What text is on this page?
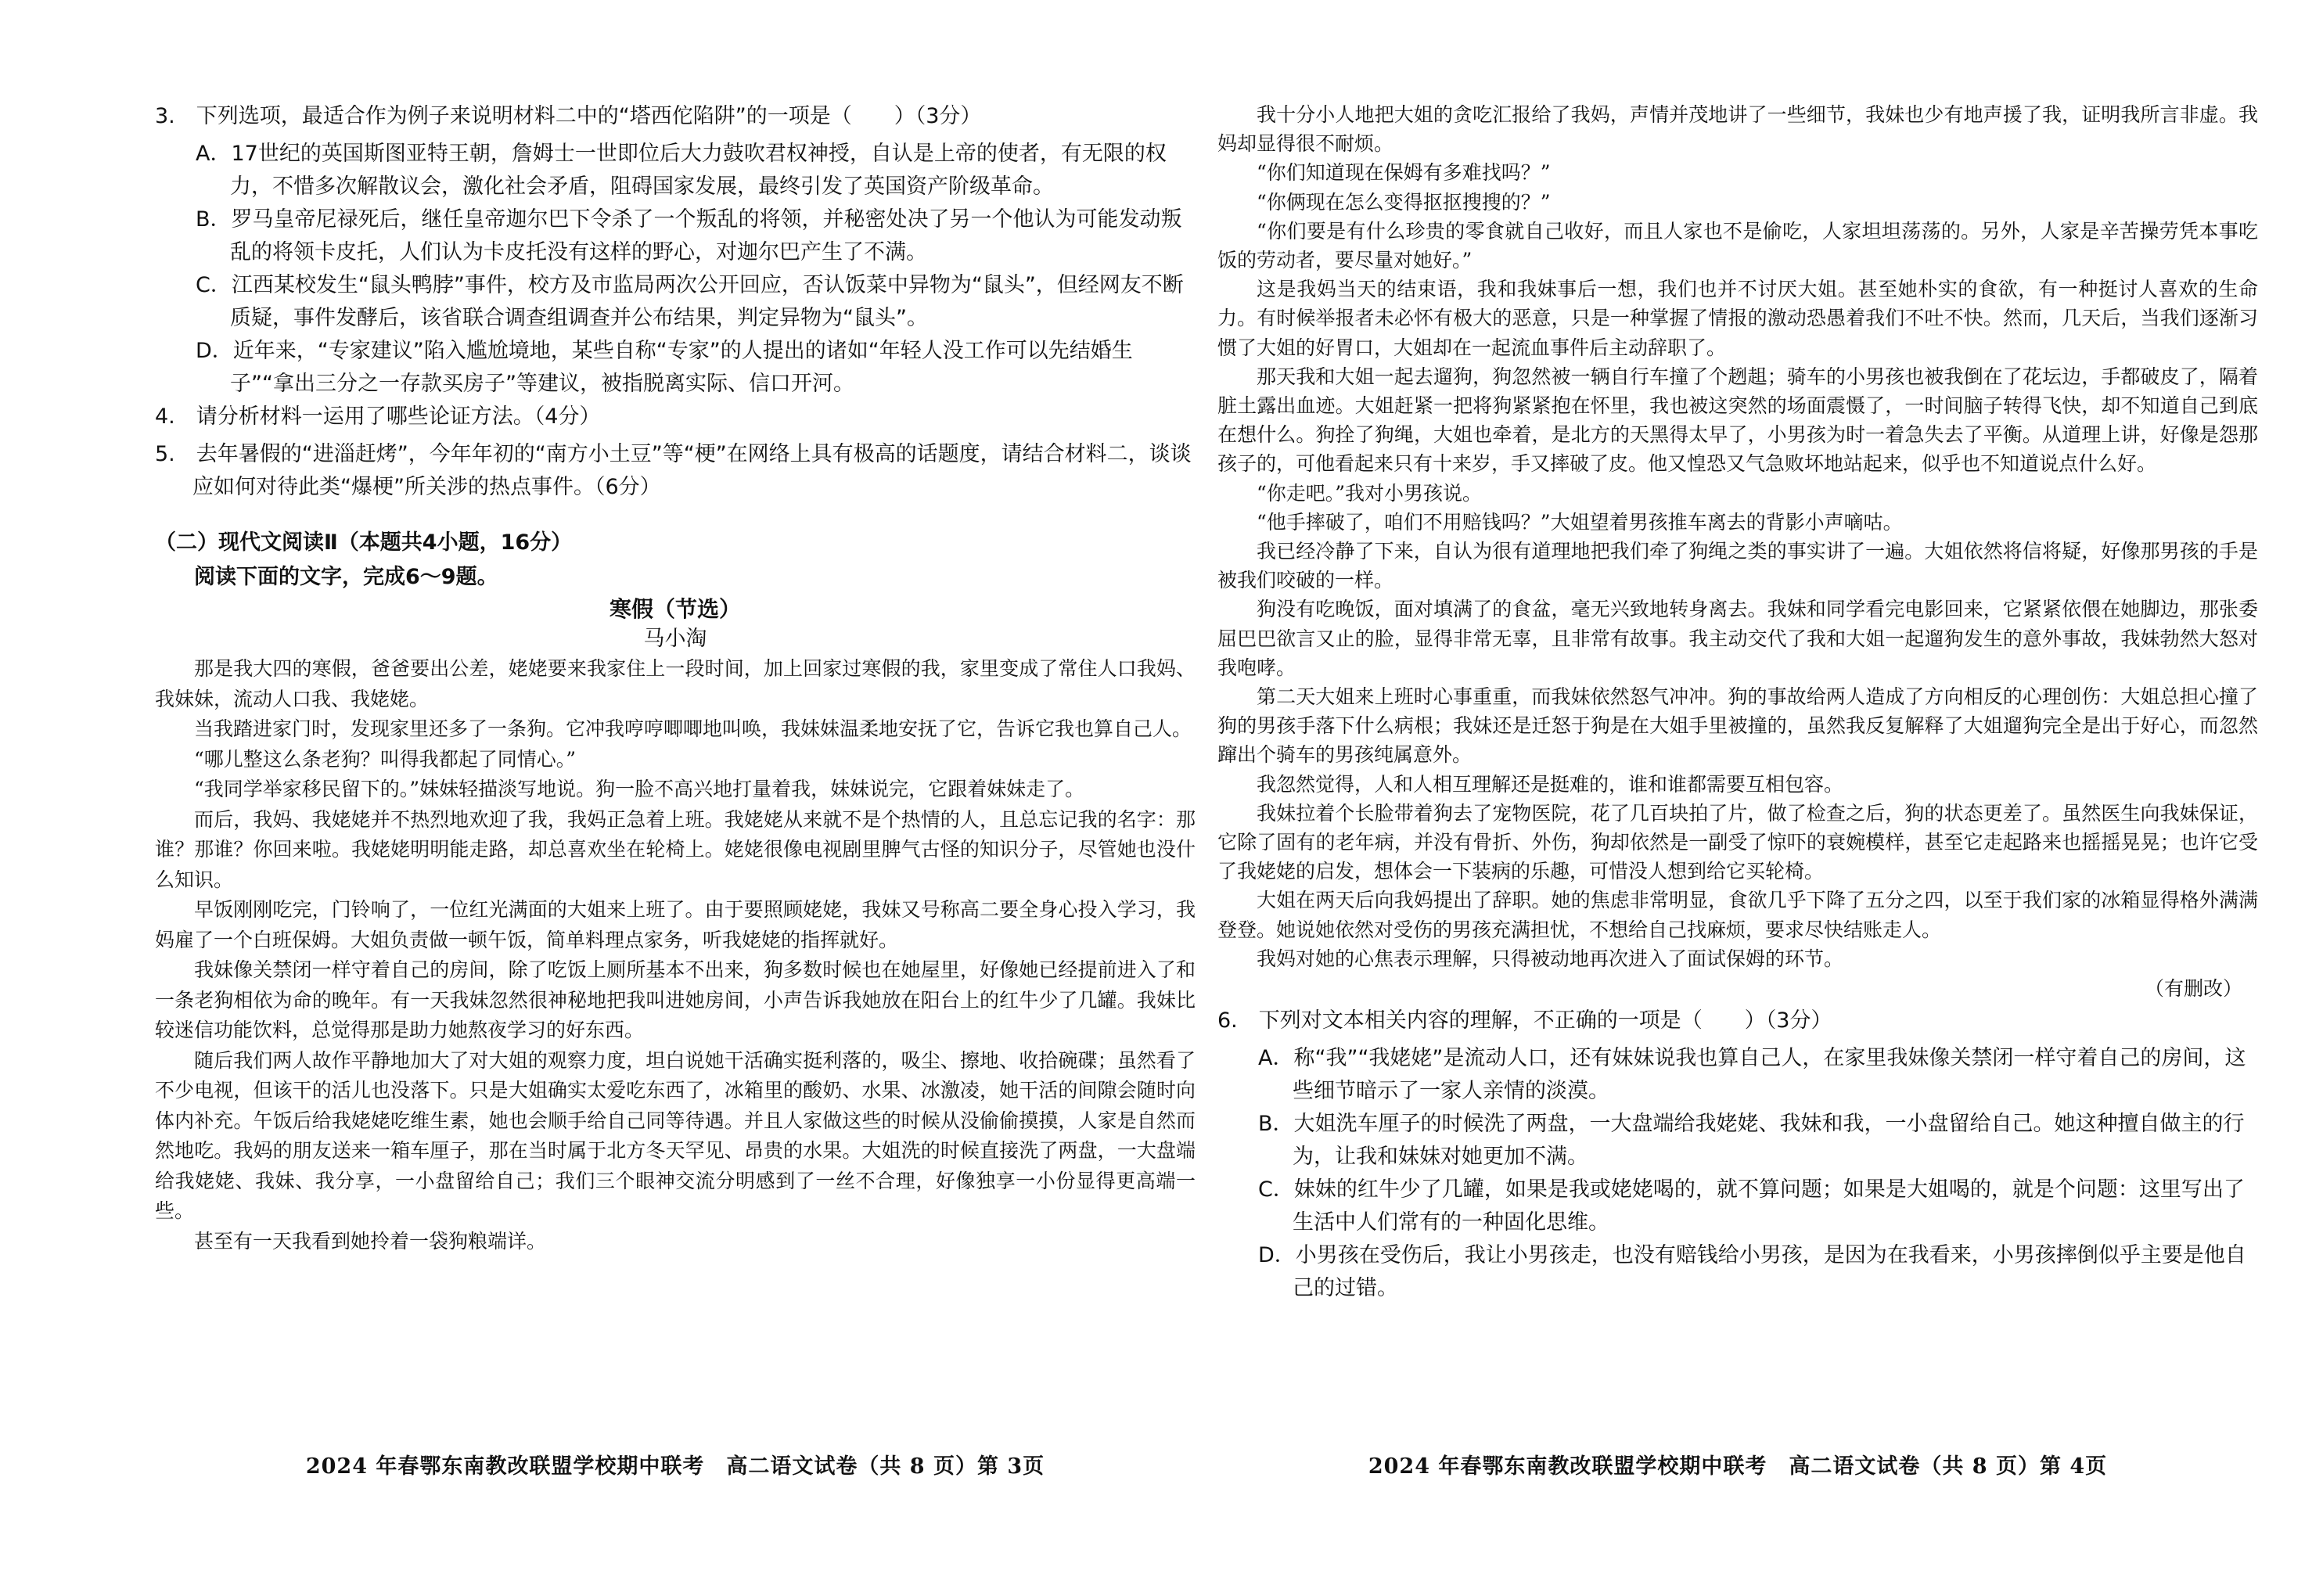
3.　下列选项，最适合作为例子来说明材料二中的“塔西佗陷阱”的一项是（　　）（3分）

A．17世纪的英国斯图亚特王朝，詹姆士一世即位后大力鼓吹君权神授，自认是上帝的使者，有无限的权力，不惜多次解散议会，激化社会矛盾，阻碍国家发展，最终引发了英国资产阶级革命。

B．罗马皇帝尼禄死后，继任皇帝迦尔巴下令杀了一个叛乱的将领，并秘密处决了另一个他认为可能发动叛乱的将领卡皮托，人们认为卡皮托没有这样的野心，对迦尔巴产生了不满。

C．江西某校发生“鼠头鸭脖”事件，校方及市监局两次公开回应，否认饭菜中异物为“鼠头”，但经网友不断质疑，事件发酵后，该省联合调查组调查并公布结果，判定异物为“鼠头”。

D．近年来，“专家建议”陷入尴尬境地，某些自称“专家”的人提出的诸如“年轻人没工作可以先结婚生子”“拿出三分之一存款买房子”等建议，被指脱离实际、信口开河。

4.　请分析材料一运用了哪些论证方法。（4分）

5.　去年暑假的“进淄赶烤”，今年年初的“南方小土豆”等“梗”在网络上具有极高的话题度，请结合材料二，谈谈应如何对待此类“爆梗”所关涉的热点事件。（6分）

（二）现代文阅读Ⅱ（本题共4小题，16分）

阅读下面的文字，完成6～9题。

寒假（节选）

马小淘

那是我大四的寒假，爸爸要出公差，姥姥要来我家住上一段时间，加上回家过寒假的我，家里变成了常住人口我妈、我妹妹，流动人口我、我姥姥。

当我踏进家门时，发现家里还多了一条狗。它冲我哼哼唧唧地叫唤，我妹妹温柔地安抚了它，告诉它我也算自己人。

“哪儿整这么条老狗？叫得我都起了同情心。”

“我同学举家移民留下的。”妹妹轻描淡写地说。狗一脸不高兴地打量着我，妹妹说完，它跟着妹妹走了。

而后，我妈、我姥姥并不热烈地欢迎了我，我妈正急着上班。我姥姥从来就不是个热情的人，且总忘记我的名字：那谁？那谁？你回来啦。我姥姥明明能走路，却总喜欢坐在轮椅上。姥姥很像电视剧里脾气古怪的知识分子，尽管她也没什么知识。

早饭刚刚吃完，门铃响了，一位红光满面的大姐来上班了。由于要照顾姥姥，我妹又号称高二要全身心投入学习，我妈雇了一个白班保姆。大姐负责做一顿午饭，简单料理点家务，听我姥姥的指挥就好。

我妹像关禁闭一样守着自己的房间，除了吃饭上厕所基本不出来，狗多数时候也在她屋里，好像她已经提前进入了和一条老狗相依为命的晚年。有一天我妹忽然很神秘地把我叫进她房间，小声告诉我她放在阳台上的红牛少了几罐。我妹比较迷信功能饮料，总觉得那是助力她熬夜学习的好东西。

随后我们两人故作平静地加大了对大姐的观察力度，坦白说她干活确实挺利落的，吸尘、擦地、收拾碗碟；虽然看了不少电视，但该干的活儿也没落下。只是大姐确实太爱吃东西了，冰箱里的酸奶、水果、冰激凌，她干活的间隙会随时向体内补充。午饭后给我姥姥吃维生素，她也会顺手给自己同等待遇。并且人家做这些的时候从没偷偷摸摸，人家是自然而然地吃。我妈的朋友送来一箱车厘子，那在当时属于北方冬天罕见、昂贵的水果。大姐洗的时候直接洗了两盘，一大盘端给我姥姥、我妹、我分享，一小盘留给自己；我们三个眼神交流分明感到了一丝不合理，好像独享一小份显得更高端一些。

甚至有一天我看到她拎着一袋狗粮端详。

2024 年春鄂东南教改联盟学校期中联考　高二语文试卷（共 8 页）第 3页

我十分小人地把大姐的贪吃汇报给了我妈，声情并茂地讲了一些细节，我妹也少有地声援了我，证明我所言非虚。我妈却显得很不耐烦。

“你们知道现在保姆有多难找吗？”

“你俩现在怎么变得抠抠搜搜的？”

“你们要是有什么珍贵的零食就自己收好，而且人家也不是偷吃，人家坦坦荡荡的。另外，人家是辛苦操劳凭本事吃饭的劳动者，要尽量对她好。”

这是我妈当天的结束语，我和我妹事后一想，我们也并不讨厌大姐。甚至她朴实的食欲，有一种挺讨人喜欢的生命力。有时候举报者未必怀有极大的恶意，只是一种掌握了情报的激动恐愚着我们不吐不快。然而，几天后，当我们逐渐习惯了大姐的好胃口，大姐却在一起流血事件后主动辞职了。

那天我和大姐一起去遛狗，狗忽然被一辆自行车撞了个趔趄；骑车的小男孩也被我倒在了花坛边，手都破皮了，隔着脏土露出血迹。大姐赶紧一把将狗紧紧抱在怀里，我也被这突然的场面震慑了，一时间脑子转得飞快，却不知道自己到底在想什么。狗拴了狗绳，大姐也牵着，是北方的天黑得太早了，小男孩为时一着急失去了平衡。从道理上讲，好像是怨那孩子的，可他看起来只有十来岁，手又摔破了皮。他又惶恐又气急败坏地站起来，似乎也不知道说点什么好。

“你走吧。”我对小男孩说。

“他手摔破了，咱们不用赔钱吗？”大姐望着男孩推车离去的背影小声嘀咕。

我已经冷静了下来，自认为很有道理地把我们牵了狗绳之类的事实讲了一遍。大姐依然将信将疑，好像那男孩的手是被我们咬破的一样。

狗没有吃晚饭，面对填满了的食盆，毫无兴致地转身离去。我妹和同学看完电影回来，它紧紧依偎在她脚边，那张委屈巴巴欲言又止的脸，显得非常无辜，且非常有故事。我主动交代了我和大姐一起遛狗发生的意外事故，我妹勃然大怒对我咆哮。

第二天大姐来上班时心事重重，而我妹依然怒气冲冲。狗的事故给两人造成了方向相反的心理创伤：大姐总担心撞了狗的男孩手落下什么病根；我妹还是迁怒于狗是在大姐手里被撞的，虽然我反复解释了大姐遛狗完全是出于好心，而忽然蹿出个骑车的男孩纯属意外。

我忽然觉得，人和人相互理解还是挺难的，谁和谁都需要互相包容。

我妹拉着个长脸带着狗去了宠物医院，花了几百块拍了片，做了检查之后，狗的状态更差了。虽然医生向我妹保证，它除了固有的老年病，并没有骨折、外伤，狗却依然是一副受了惊吓的衰婉模样，甚至它走起路来也摇摇晃晃；也许它受了我姥姥的启发，想体会一下装病的乐趣，可惜没人想到给它买轮椅。

大姐在两天后向我妈提出了辞职。她的焦虑非常明显，食欲几乎下降了五分之四，以至于我们家的冰箱显得格外满满登登。她说她依然对受伤的男孩充满担忧，不想给自己找麻烦，要求尽快结账走人。

我妈对她的心焦表示理解，只得被动地再次进入了面试保姆的环节。

（有删改）

6.　下列对文本相关内容的理解，不正确的一项是（　　）（3分）

A．称“我”“我姥姥”是流动人口，还有妹妹说我也算自己人，在家里我妹像关禁闭一样守着自己的房间，这些细节暗示了一家人亲情的淡漠。

B．大姐洗车厘子的时候洗了两盘，一大盘端给我姥姥、我妹和我，一小盘留给自己。她这种擅自做主的行为，让我和妹妹对她更加不满。

C．妹妹的红牛少了几罐，如果是我或姥姥喝的，就不算问题；如果是大姐喝的，就是个问题：这里写出了生活中人们常有的一种固化思维。

D．小男孩在受伤后，我让小男孩走，也没有赔钱给小男孩，是因为在我看来，小男孩摔倒似乎主要是他自己的过错。

2024 年春鄂东南教改联盟学校期中联考　高二语文试卷（共 8 页）第 4页
